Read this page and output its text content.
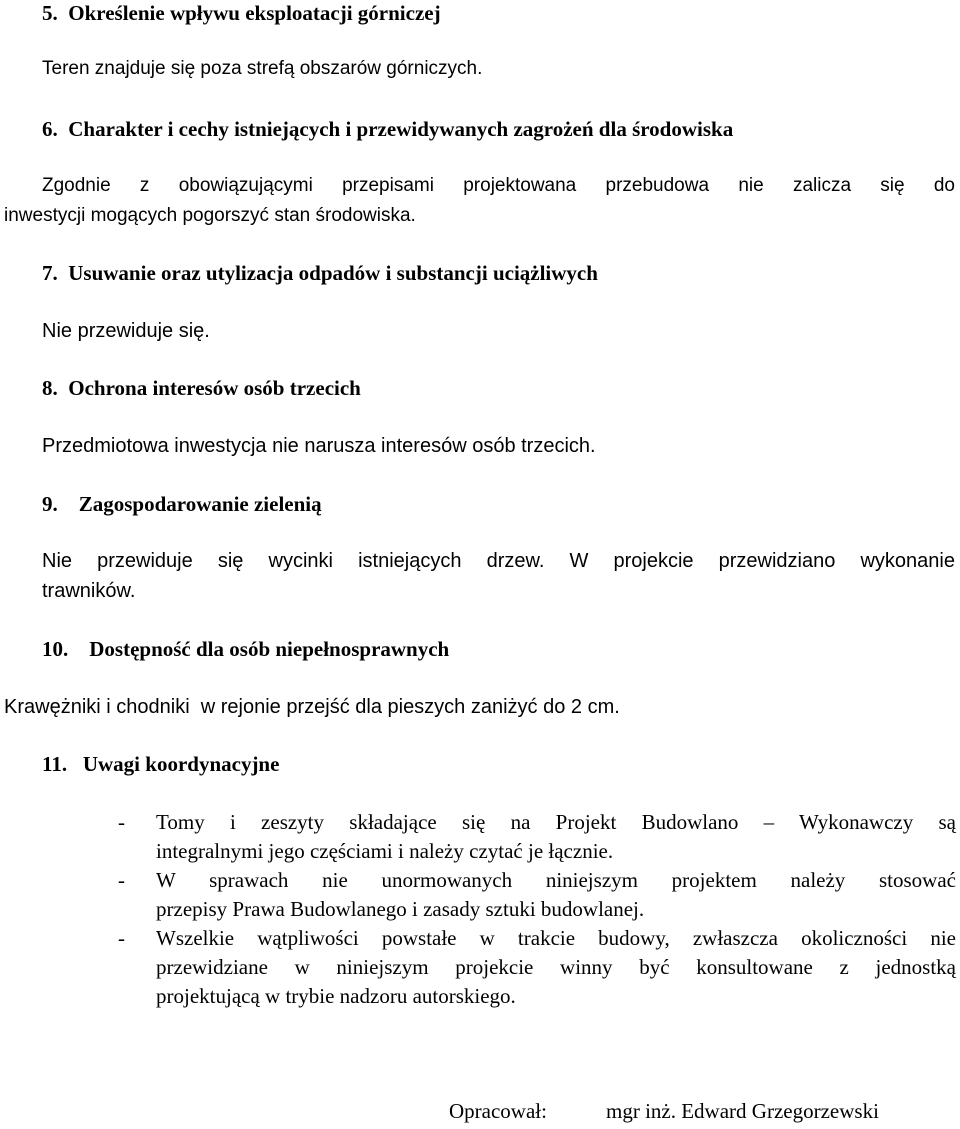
5. Określenie wpływu eksploatacji górniczej
Teren znajduje się poza strefą obszarów górniczych.
6. Charakter i cechy istniejących i przewidywanych zagrożeń dla środowiska
Zgodnie z obowiązującymi przepisami projektowana przebudowa nie zalicza się do
inwestycji mogących pogorszyć stan środowiska.
7. Usuwanie oraz utylizacja odpadów i substancji uciążliwych
Nie przewiduje się.
8. Ochrona interesów osób trzecich
Przedmiotowa inwestycja nie narusza interesów osób trzecich.
9. Zagospodarowanie zielenią
Nie przewiduje się wycinki istniejących drzew. W projekcie przewidziano wykonanie
trawników.
10. Dostępność dla osób niepełnosprawnych
Krawężniki i chodniki  w rejonie przejść dla pieszych zaniżyć do 2 cm.
11. Uwagi koordynacyjne
- Tomy i zeszyty składające się na Projekt Budowlano – Wykonawczy są
integralnymi jego częściami i należy czytać je łącznie.
- W sprawach nie unormowanych niniejszym projektem należy stosować
przepisy Prawa Budowlanego i zasady sztuki budowlanej.
- Wszelkie wątpliwości powstałe w trakcie budowy, zwłaszcza okoliczności nie
przewidziane w niniejszym projekcie winny być konsultowane z jednostką
projektującą w trybie nadzoru autorskiego.
Opracował:	mgr inż. Edward Grzegorzewski
